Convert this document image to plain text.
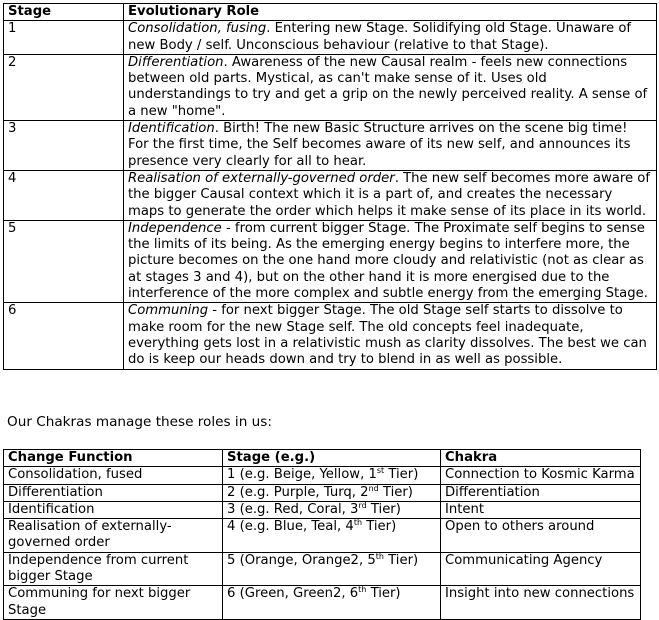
Stage	Evolutionary Role
1	Consolidation, fusing. Entering new Stage. Solidifying old Stage. Unaware of new Body / self. Unconscious behaviour (relative to that Stage).
2	Differentiation. Awareness of the new Causal realm - feels new connections between old parts. Mystical, as can't make sense of it. Uses old understandings to try and get a grip on the newly perceived reality. A sense of a new "home".
3	Identification. Birth! The new Basic Structure arrives on the scene big time! For the first time, the Self becomes aware of its new self, and announces its presence very clearly for all to hear.
4	Realisation of externally-governed order. The new self becomes more aware of the bigger Causal context which it is a part of, and creates the necessary maps to generate the order which helps it make sense of its place in its world.
5	Independence - from current bigger Stage. The Proximate self begins to sense the limits of its being. As the emerging energy begins to interfere more, the picture becomes on the one hand more cloudy and relativistic (not as clear as at stages 3 and 4), but on the other hand it is more energised due to the interference of the more complex and subtle energy from the emerging Stage.
6	Communing - for next bigger Stage. The old Stage self starts to dissolve to make room for the new Stage self. The old concepts feel inadequate, everything gets lost in a relativistic mush as clarity dissolves. The best we can do is keep our heads down and try to blend in as well as possible.

Our Chakras manage these roles in us:

Change Function	Stage (e.g.)	Chakra
Consolidation, fused	1 (e.g. Beige, Yellow, 1st Tier)	Connection to Kosmic Karma
Differentiation	2 (e.g. Purple, Turq, 2nd Tier)	Differentiation
Identification	3 (e.g. Red, Coral, 3rd Tier)	Intent
Realisation of externally-governed order	4 (e.g. Blue, Teal, 4th Tier)	Open to others around
Independence from current bigger Stage	5 (Orange, Orange2, 5th Tier)	Communicating Agency
Communing for next bigger Stage	6 (Green, Green2, 6th Tier)	Insight into new connections
